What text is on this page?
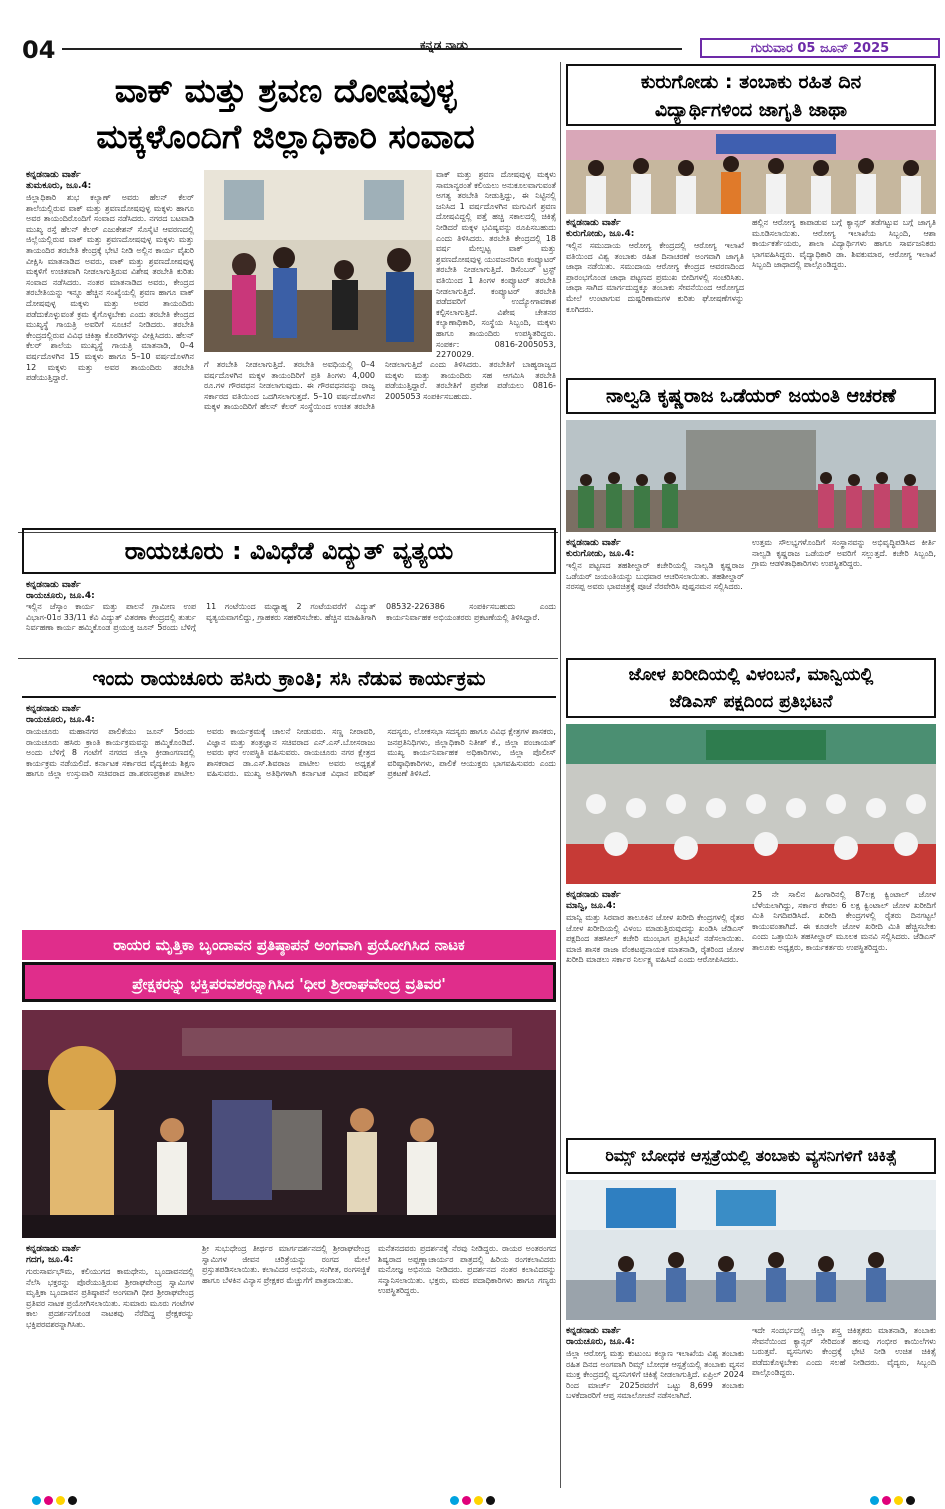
04	ಕನ್ನಡ ನಾಡು	ಗುರುವಾರ 05 ಜೂನ್ 2025
ವಾಕ್ ಮತ್ತು ಶ್ರವಣ ದೋಷವುಳ್ಳ
ಮಕ್ಕಳೊಂದಿಗೆ ಜಿಲ್ಲಾಧಿಕಾರಿ ಸಂವಾದ
ಕನ್ನಡನಾಡು ವಾರ್ತೆ
ತುಮಕೂರು, ಜೂ.4:
ಜಿಲ್ಲಾಧಿಕಾರಿ ಶುಭ ಕಲ್ಯಾಣ್ ಅವರು ಹೆಲನ್ ಕೆಲರ್ ಶಾಲೆಯಲ್ಲಿರುವ ವಾಕ್ ಮತ್ತು ಶ್ರವಣದೋಷವುಳ್ಳ ಮಕ್ಕಳು ಹಾಗೂ ಅವರ ತಾಯಂದಿರೊಂದಿಗೆ ಸಂವಾದ ನಡೆಸಿದರು. ನಗರದ ಬಟವಾಡಿ ಮುಖ್ಯ ರಸ್ತೆ ಹೆಲನ್ ಕೆಲರ್ ಎಜುಕೇಶನ್ ಸೊಸೈಟಿ ಆವರಣದಲ್ಲಿ ಜಿಲ್ಲೆಯಲ್ಲಿರುವ ವಾಕ್ ಮತ್ತು ಶ್ರವಣದೋಷವುಳ್ಳ ಮಕ್ಕಳು ಮತ್ತು ತಾಯಂದಿರ ತರಬೇತಿ ಕೇಂದ್ರಕ್ಕೆ ಭೇಟಿ ನೀಡಿ ಅಲ್ಲಿನ ಕಾರ್ಯ ವೈಖರಿ ವೀಕ್ಷಿಸಿ ಮಾತನಾಡಿದ ಅವರು, ವಾಕ್ ಮತ್ತು ಶ್ರವಣದೋಷವುಳ್ಳ ಮಕ್ಕಳಿಗೆ ಉಚಿತವಾಗಿ ನೀಡಲಾಗುತ್ತಿರುವ ವಿಶೇಷ ತರಬೇತಿ ಕುರಿತು ಸಂವಾದ ನಡೆಸಿದರು. ನಂತರ ಮಾತನಾಡಿದ ಅವರು, ಕೇಂದ್ರದ ತರಬೇತಿಯನ್ನು ಇನ್ನೂ ಹೆಚ್ಚಿನ ಸಂಖ್ಯೆಯಲ್ಲಿ ಶ್ರವಣ ಹಾಗೂ ವಾಕ್ ದೋಷವುಳ್ಳ ಮಕ್ಕಳು ಮತ್ತು ಅವರ ತಾಯಂದಿರು ಪಡೆದುಕೊಳ್ಳುವಂತೆ ಕ್ರಮ ಕೈಗೊಳ್ಳಬೇಕು ಎಂದು ತರಬೇತಿ ಕೇಂದ್ರದ ಮುಖ್ಯಸ್ಥೆ ಗಾಯತ್ರಿ ಅವರಿಗೆ ಸೂಚನೆ ನೀಡಿದರು. ತರಬೇತಿ ಕೇಂದ್ರದಲ್ಲಿರುವ ವಿವಿಧ ಚಿಕಿತ್ಸಾ ಕೊಠಡಿಗಳನ್ನು ವೀಕ್ಷಿಸಿದರು. ಹೆಲನ್ ಕೆಲರ್ ಶಾಲೆಯ ಮುಖ್ಯಸ್ಥೆ ಗಾಯತ್ರಿ ಮಾತನಾಡಿ, 0–4 ವರ್ಷದೊಳಗಿನ 15 ಮಕ್ಕಳು ಹಾಗೂ 5–10 ವರ್ಷದೊಳಗಿನ 12 ಮಕ್ಕಳು ಮತ್ತು ಅವರ ತಾಯಂದಿರು ತರಬೇತಿ ಪಡೆಯುತ್ತಿದ್ದಾರೆ.
ವಾಕ್ ಮತ್ತು ಶ್ರವಣ ದೋಷವುಳ್ಳ ಮಕ್ಕಳು ಸಾಮಾನ್ಯರಂತೆ ಕಲಿಯಲು ಅನುಕೂಲವಾಗುವಂತೆ ಅಗತ್ಯ ತರಬೇತಿ ನೀಡುತ್ತಿದ್ದು, ಈ ನಿಟ್ಟಿನಲ್ಲಿ ಜನಿಸಿದ 1 ವರ್ಷದೊಳಗಿನ ಮಗುವಿಗೆ ಶ್ರವಣ ದೋಷವಿದ್ದಲ್ಲಿ ಪತ್ತೆ ಹಚ್ಚಿ ಸಕಾಲದಲ್ಲಿ ಚಿಕಿತ್ಸೆ ನೀಡಿದರೆ ಮಕ್ಕಳ ಭವಿಷ್ಯವನ್ನು ರೂಪಿಸಬಹುದು ಎಂದು ತಿಳಿಸಿದರು. ತರಬೇತಿ ಕೇಂದ್ರದಲ್ಲಿ 18 ವರ್ಷ ಮೇಲ್ಪಟ್ಟ ವಾಕ್ ಮತ್ತು ಶ್ರವಣದೋಷವುಳ್ಳ ಯುವಜನರಿಗೂ ಕಂಪ್ಯೂಟರ್ ತರಬೇತಿ ನೀಡಲಾಗುತ್ತಿದೆ. ಡಿಸೆಂಬರ್ ಟ್ರಸ್ಟ್ ವತಿಯಿಂದ 1 ತಿಂಗಳ ಕಂಪ್ಯೂಟರ್ ತರಬೇತಿ ನೀಡಲಾಗುತ್ತಿದೆ. ಕಂಪ್ಯೂಟರ್ ತರಬೇತಿ ಪಡೆದವರಿಗೆ ಉದ್ಯೋಗಾವಕಾಶ ಕಲ್ಪಿಸಲಾಗುತ್ತಿದೆ. ವಿಶೇಷ ಚೇತನರ ಕಲ್ಯಾಣಾಧಿಕಾರಿ, ಸಂಸ್ಥೆಯ ಸಿಬ್ಬಂದಿ, ಮಕ್ಕಳು ಹಾಗೂ ತಾಯಂದಿರು ಉಪಸ್ಥಿತರಿದ್ದರು. ಸಂಪರ್ಕ: 0816-2005053, 2270029.
ಗೆ ತರಬೇತಿ ನೀಡಲಾಗುತ್ತಿದೆ. ತರಬೇತಿ ಅವಧಿಯಲ್ಲಿ 0–4 ವರ್ಷದೊಳಗಿನ ಮಕ್ಕಳ ತಾಯಂದಿರಿಗೆ ಪ್ರತಿ ತಿಂಗಳು 4,000 ರೂ.ಗಳ ಗೌರವಧನ ನೀಡಲಾಗುವುದು. ಈ ಗೌರವಧನವನ್ನು ರಾಜ್ಯ ಸರ್ಕಾರದ ವತಿಯಿಂದ ಒದಗಿಸಲಾಗುತ್ತದೆ. 5–10 ವರ್ಷದೊಳಗಿನ ಮಕ್ಕಳ ತಾಯಂದಿರಿಗೆ ಹೆಲನ್ ಕೆಲರ್ ಸಂಸ್ಥೆಯಿಂದ ಉಚಿತ ತರಬೇತಿ ನೀಡಲಾಗುತ್ತಿದೆ ಎಂದು ತಿಳಿಸಿದರು. ತರಬೇತಿಗೆ ಬಾಹ್ಯರಾಜ್ಯದ ಮಕ್ಕಳು ಮತ್ತು ತಾಯಂದಿರು ಸಹ ಆಗಮಿಸಿ ತರಬೇತಿ ಪಡೆಯುತ್ತಿದ್ದಾರೆ. ತರಬೇತಿಗೆ ಪ್ರವೇಶ ಪಡೆಯಲು 0816-2005053 ಸಂಪರ್ಕಿಸಬಹುದು.
ಕುರುಗೋಡು : ತಂಬಾಕು ರಹಿತ ದಿನ
ವಿದ್ಯಾರ್ಥಿಗಳಿಂದ ಜಾಗೃತಿ ಜಾಥಾ
ಕನ್ನಡನಾಡು ವಾರ್ತೆ
ಕುರುಗೋಡು, ಜೂ.4:
ಇಲ್ಲಿನ ಸಮುದಾಯ ಆರೋಗ್ಯ ಕೇಂದ್ರದಲ್ಲಿ ಆರೋಗ್ಯ ಇಲಾಖೆ ವತಿಯಿಂದ ವಿಶ್ವ ತಂಬಾಕು ರಹಿತ ದಿನಾಚರಣೆ ಅಂಗವಾಗಿ ಜಾಗೃತಿ ಜಾಥಾ ನಡೆಯಿತು. ಸಮುದಾಯ ಆರೋಗ್ಯ ಕೇಂದ್ರದ ಆವರಣದಿಂದ ಪ್ರಾರಂಭಗೊಂಡ ಜಾಥಾ ಪಟ್ಟಣದ ಪ್ರಮುಖ ಬೀದಿಗಳಲ್ಲಿ ಸಂಚರಿಸಿತು. ಜಾಥಾ ಸಾಗಿದ ಮಾರ್ಗದುದ್ದಕ್ಕೂ ತಂಬಾಕು ಸೇವನೆಯಿಂದ ಆರೋಗ್ಯದ ಮೇಲೆ ಉಂಟಾಗುವ ದುಷ್ಪರಿಣಾಮಗಳ ಕುರಿತು ಘೋಷಣೆಗಳನ್ನು ಕೂಗಿದರು.
ಹಲ್ಲಿನ ಆರೋಗ್ಯ ಕಾಪಾಡುವ ಬಗ್ಗೆ ಕ್ಯಾನ್ಸರ್ ತಡೆಗಟ್ಟುವ ಬಗ್ಗೆ ಜಾಗೃತಿ ಮೂಡಿಸಲಾಯಿತು. ಆರೋಗ್ಯ ಇಲಾಖೆಯ ಸಿಬ್ಬಂದಿ, ಆಶಾ ಕಾರ್ಯಕರ್ತೆಯರು, ಶಾಲಾ ವಿದ್ಯಾರ್ಥಿಗಳು ಹಾಗೂ ಸಾರ್ವಜನಿಕರು ಭಾಗವಹಿಸಿದ್ದರು. ವೈದ್ಯಾಧಿಕಾರಿ ಡಾ. ಶಿವಕುಮಾರ, ಆರೋಗ್ಯ ಇಲಾಖೆ ಸಿಬ್ಬಂದಿ ಜಾಥಾದಲ್ಲಿ ಪಾಲ್ಗೊಂಡಿದ್ದರು.
ನಾಲ್ವಡಿ ಕೃಷ್ಣರಾಜ ಒಡೆಯರ್ ಜಯಂತಿ ಆಚರಣೆ
ಕನ್ನಡನಾಡು ವಾರ್ತೆ
ಕುರುಗೋಡು, ಜೂ.4:
ಇಲ್ಲಿನ ಪಟ್ಟಣದ ತಹಶೀಲ್ದಾರ್ ಕಚೇರಿಯಲ್ಲಿ ನಾಲ್ವಡಿ ಕೃಷ್ಣರಾಜ ಒಡೆಯರ್ ಜಯಂತಿಯನ್ನು ಬುಧವಾರ ಆಚರಿಸಲಾಯಿತು. ತಹಶೀಲ್ದಾರ್ ನರಸಪ್ಪ ಅವರು ಭಾವಚಿತ್ರಕ್ಕೆ ಪೂಜೆ ನೆರವೇರಿಸಿ ಪುಷ್ಪನಮನ ಸಲ್ಲಿಸಿದರು.
ಉತ್ತಮ ಸೌಲಭ್ಯಗಳೊಂದಿಗೆ ಸಂಸ್ಥಾನವನ್ನು ಅಭಿವೃದ್ಧಿಪಡಿಸಿದ ಕೀರ್ತಿ ನಾಲ್ವಡಿ ಕೃಷ್ಣರಾಜ ಒಡೆಯರ್ ಅವರಿಗೆ ಸಲ್ಲುತ್ತದೆ. ಕಚೇರಿ ಸಿಬ್ಬಂದಿ, ಗ್ರಾಮ ಆಡಳಿತಾಧಿಕಾರಿಗಳು ಉಪಸ್ಥಿತರಿದ್ದರು.
ರಾಯಚೂರು : ವಿವಿಧೆಡೆ ವಿದ್ಯುತ್ ವ್ಯತ್ಯಯ
ಕನ್ನಡನಾಡು ವಾರ್ತೆ
ರಾಯಚೂರು, ಜೂ.4:
ಇಲ್ಲಿನ ಜೆಸ್ಕಾಂ ಕಾರ್ಯ ಮತ್ತು ಪಾಲನೆ ಗ್ರಾಮೀಣ ಉಪ ವಿಭಾಗ-01ರ 33/11 ಕೆವಿ ವಿದ್ಯುತ್ ವಿತರಣಾ ಕೇಂದ್ರದಲ್ಲಿ ತುರ್ತು ನಿರ್ವಹಣಾ ಕಾರ್ಯ ಹಮ್ಮಿಕೊಂಡ ಪ್ರಯುಕ್ತ ಜೂನ್ 5ರಂದು ಬೆಳಿಗ್ಗೆ 11 ಗಂಟೆಯಿಂದ ಮಧ್ಯಾಹ್ನ 2 ಗಂಟೆಯವರೆಗೆ ವಿದ್ಯುತ್ ವ್ಯತ್ಯಯವಾಗಲಿದ್ದು, ಗ್ರಾಹಕರು ಸಹಕರಿಸಬೇಕು. ಹೆಚ್ಚಿನ ಮಾಹಿತಿಗಾಗಿ 08532-226386 ಸಂಪರ್ಕಿಸಬಹುದು ಎಂದು ಕಾರ್ಯನಿರ್ವಾಹಕ ಅಭಿಯಂತರರು ಪ್ರಕಟಣೆಯಲ್ಲಿ ತಿಳಿಸಿದ್ದಾರೆ.
ಇಂದು ರಾಯಚೂರು ಹಸಿರು ಕ್ರಾಂತಿ; ಸಸಿ ನೆಡುವ ಕಾರ್ಯಕ್ರಮ
ಕನ್ನಡನಾಡು ವಾರ್ತೆ
ರಾಯಚೂರು, ಜೂ.4:
ರಾಯಚೂರು ಮಹಾನಗರ ಪಾಲಿಕೆಯು ಜೂನ್ 5ರಂದು ರಾಯಚೂರು ಹಸಿರು ಕ್ರಾಂತಿ ಕಾರ್ಯಕ್ರಮವನ್ನು ಹಮ್ಮಿಕೊಂಡಿದೆ. ಅಂದು ಬೆಳಿಗ್ಗೆ 8 ಗಂಟೆಗೆ ನಗರದ ಜಿಲ್ಲಾ ಕ್ರೀಡಾಂಗಣದಲ್ಲಿ ಕಾರ್ಯಕ್ರಮ ನಡೆಯಲಿದೆ. ಕರ್ನಾಟಕ ಸರ್ಕಾರದ ವೈದ್ಯಕೀಯ ಶಿಕ್ಷಣ ಹಾಗೂ ಜಿಲ್ಲಾ ಉಸ್ತುವಾರಿ ಸಚಿವರಾದ ಡಾ.ಶರಣಪ್ರಕಾಶ ಪಾಟೀಲ ಅವರು ಕಾರ್ಯಕ್ರಮಕ್ಕೆ ಚಾಲನೆ ನೀಡುವರು. ಸಣ್ಣ ನೀರಾವರಿ, ವಿಜ್ಞಾನ ಮತ್ತು ತಂತ್ರಜ್ಞಾನ ಸಚಿವರಾದ ಎನ್.ಎಸ್.ಬೋಸರಾಜು ಅವರು ಘನ ಉಪಸ್ಥಿತಿ ವಹಿಸುವರು. ರಾಯಚೂರು ನಗರ ಕ್ಷೇತ್ರದ ಶಾಸಕರಾದ ಡಾ.ಎಸ್.ಶಿವರಾಜ ಪಾಟೀಲ ಅವರು ಅಧ್ಯಕ್ಷತೆ ವಹಿಸುವರು. ಮುಖ್ಯ ಅತಿಥಿಗಳಾಗಿ ಕರ್ನಾಟಕ ವಿಧಾನ ಪರಿಷತ್ ಸದಸ್ಯರು, ಲೋಕಸಭಾ ಸದಸ್ಯರು ಹಾಗೂ ವಿವಿಧ ಕ್ಷೇತ್ರಗಳ ಶಾಸಕರು, ಜನಪ್ರತಿನಿಧಿಗಳು, ಜಿಲ್ಲಾಧಿಕಾರಿ ನಿತೀಶ್ ಕೆ., ಜಿಲ್ಲಾ ಪಂಚಾಯತ್ ಮುಖ್ಯ ಕಾರ್ಯನಿರ್ವಾಹಕ ಅಧಿಕಾರಿಗಳು, ಜಿಲ್ಲಾ ಪೊಲೀಸ್ ವರಿಷ್ಠಾಧಿಕಾರಿಗಳು, ಪಾಲಿಕೆ ಆಯುಕ್ತರು ಭಾಗವಹಿಸುವರು ಎಂದು ಪ್ರಕಟಣೆ ತಿಳಿಸಿದೆ.
ಜೋಳ ಖರೀದಿಯಲ್ಲಿ ವಿಳಂಬನೆ, ಮಾನ್ವಿಯಲ್ಲಿ
ಜೆಡಿಎಸ್ ಪಕ್ಷದಿಂದ ಪ್ರತಿಭಟನೆ
ಕನ್ನಡನಾಡು ವಾರ್ತೆ
ಮಾನ್ವಿ, ಜೂ.4:
ಮಾನ್ವಿ ಮತ್ತು ಸಿರವಾರ ತಾಲೂಕಿನ ಜೋಳ ಖರೀದಿ ಕೇಂದ್ರಗಳಲ್ಲಿ ರೈತರ ಜೋಳ ಖರೀದಿಯಲ್ಲಿ ವಿಳಂಬ ಮಾಡುತ್ತಿರುವುದನ್ನು ಖಂಡಿಸಿ ಜೆಡಿಎಸ್ ಪಕ್ಷದಿಂದ ತಹಸೀಲ್ ಕಚೇರಿ ಮುಂಭಾಗ ಪ್ರತಿಭಟನೆ ನಡೆಸಲಾಯಿತು. ಮಾಜಿ ಶಾಸಕ ರಾಜಾ ವೆಂಕಟಪ್ಪನಾಯಕ ಮಾತನಾಡಿ, ರೈತರಿಂದ ಜೋಳ ಖರೀದಿ ಮಾಡಲು ಸರ್ಕಾರ ನಿರ್ಲಕ್ಷ್ಯ ವಹಿಸಿದೆ ಎಂದು ಆರೋಪಿಸಿದರು.
25 ನೇ ಸಾಲಿನ ಹಿಂಗಾರಿನಲ್ಲಿ 87ಲಕ್ಷ ಕ್ವಿಂಟಾಲ್ ಜೋಳ ಬೆಳೆಯಲಾಗಿದ್ದು, ಸರ್ಕಾರ ಕೇವಲ 6 ಲಕ್ಷ ಕ್ವಿಂಟಾಲ್ ಜೋಳ ಖರೀದಿಗೆ ಮಿತಿ ನಿಗದಿಪಡಿಸಿದೆ. ಖರೀದಿ ಕೇಂದ್ರಗಳಲ್ಲಿ ರೈತರು ದಿನಗಟ್ಟಲೆ ಕಾಯುವಂತಾಗಿದೆ. ಈ ಕೂಡಲೇ ಜೋಳ ಖರೀದಿ ಮಿತಿ ಹೆಚ್ಚಿಸಬೇಕು ಎಂದು ಒತ್ತಾಯಿಸಿ ತಹಸೀಲ್ದಾರ್ ಮೂಲಕ ಮನವಿ ಸಲ್ಲಿಸಿದರು. ಜೆಡಿಎಸ್ ತಾಲೂಕು ಅಧ್ಯಕ್ಷರು, ಕಾರ್ಯಕರ್ತರು ಉಪಸ್ಥಿತರಿದ್ದರು.
ರಾಯರ ಮೃತ್ತಿಕಾ ಬೃಂದಾವನ ಪ್ರತಿಷ್ಠಾಪನೆ ಅಂಗವಾಗಿ ಪ್ರಯೋಗಿಸಿದ ನಾಟಕ
ಪ್ರೇಕ್ಷಕರನ್ನು ಭಕ್ತಿಪರವಶರನ್ನಾಗಿಸಿದ 'ಧೀರ ಶ್ರೀರಾಘವೇಂದ್ರ ವ್ರತಿವರ'
ಕನ್ನಡನಾಡು ವಾರ್ತೆ
ಗದಗ, ಜೂ.4:
ಗುರುಸಾರ್ವಭೌಮ, ಕಲಿಯುಗದ ಕಾಮಧೇನು, ಬೃಂದಾವನದಲ್ಲಿ ನೆಲೆಸಿ ಭಕ್ತರನ್ನು ಪೊರೆಯುತ್ತಿರುವ ಶ್ರೀರಾಘವೇಂದ್ರ ಸ್ವಾಮಿಗಳ ಮೃತ್ತಿಕಾ ಬೃಂದಾವನ ಪ್ರತಿಷ್ಠಾಪನೆ ಅಂಗವಾಗಿ ಧೀರ ಶ್ರೀರಾಘವೇಂದ್ರ ವ್ರತಿವರ ನಾಟಕ ಪ್ರಯೋಗಿಸಲಾಯಿತು. ಸುಮಾರು ಮೂರು ಗಂಟೆಗಳ ಕಾಲ ಪ್ರದರ್ಶನಗೊಂಡ ನಾಟಕವು ನೆರೆದಿದ್ದ ಪ್ರೇಕ್ಷಕರನ್ನು ಭಕ್ತಿಪರವಶರನ್ನಾಗಿಸಿತು.
ಶ್ರೀ ಸುಭುಧೇಂದ್ರ ತೀರ್ಥರ ಮಾರ್ಗದರ್ಶನದಲ್ಲಿ ಶ್ರೀರಾಘವೇಂದ್ರ ಸ್ವಾಮಿಗಳ ಜೀವನ ಚರಿತ್ರೆಯನ್ನು ರಂಗದ ಮೇಲೆ ಪ್ರಸ್ತುತಪಡಿಸಲಾಯಿತು. ಕಲಾವಿದರ ಅಭಿನಯ, ಸಂಗೀತ, ರಂಗಸಜ್ಜಿಕೆ ಹಾಗೂ ಬೆಳಕಿನ ವಿನ್ಯಾಸ ಪ್ರೇಕ್ಷಕರ ಮೆಚ್ಚುಗೆಗೆ ಪಾತ್ರವಾಯಿತು.
ಮನೆತನದವರು ಪ್ರದರ್ಶನಕ್ಕೆ ನೆರವು ನೀಡಿದ್ದರು. ರಾಯರ ಅಂತರಂಗದ ಶಿಷ್ಯರಾದ ಅಪ್ಪಣ್ಣಾಚಾರ್ಯರ ಪಾತ್ರದಲ್ಲಿ ಹಿರಿಯ ರಂಗಕಲಾವಿದರು ಮನೋಜ್ಞ ಅಭಿನಯ ನೀಡಿದರು. ಪ್ರದರ್ಶನದ ನಂತರ ಕಲಾವಿದರನ್ನು ಸನ್ಮಾನಿಸಲಾಯಿತು. ಭಕ್ತರು, ಮಠದ ಪದಾಧಿಕಾರಿಗಳು ಹಾಗೂ ಗಣ್ಯರು ಉಪಸ್ಥಿತರಿದ್ದರು.
ರಿಮ್ಸ್ ಬೋಧಕ ಆಸ್ಪತ್ರೆಯಲ್ಲಿ ತಂಬಾಕು ವ್ಯಸನಿಗಳಿಗೆ ಚಿಕಿತ್ಸೆ
ಕನ್ನಡನಾಡು ವಾರ್ತೆ
ರಾಯಚೂರು, ಜೂ.4:
ಜಿಲ್ಲಾ ಆರೋಗ್ಯ ಮತ್ತು ಕುಟುಂಬ ಕಲ್ಯಾಣ ಇಲಾಖೆಯ ವಿಶ್ವ ತಂಬಾಕು ರಹಿತ ದಿನದ ಅಂಗವಾಗಿ ರಿಮ್ಸ್ ಬೋಧಕ ಆಸ್ಪತ್ರೆಯಲ್ಲಿ ತಂಬಾಕು ವ್ಯಸನ ಮುಕ್ತ ಕೇಂದ್ರದಲ್ಲಿ ವ್ಯಸನಿಗಳಿಗೆ ಚಿಕಿತ್ಸೆ ನೀಡಲಾಗುತ್ತಿದೆ. ಏಪ್ರಿಲ್ 2024 ರಿಂದ ಮಾರ್ಚ್ 2025ರವರೆಗೆ ಒಟ್ಟು 8,699 ತಂಬಾಕು ಬಳಕೆದಾರರಿಗೆ ಆಪ್ತ ಸಮಾಲೋಚನೆ ನಡೆಸಲಾಗಿದೆ.
ಇದೇ ಸಂದರ್ಭದಲ್ಲಿ ಜಿಲ್ಲಾ ಶಸ್ತ್ರ ಚಿಕಿತ್ಸಕರು ಮಾತನಾಡಿ, ತಂಬಾಕು ಸೇವನೆಯಿಂದ ಕ್ಯಾನ್ಸರ್ ಸೇರಿದಂತೆ ಹಲವು ಗಂಭೀರ ಕಾಯಿಲೆಗಳು ಬರುತ್ತವೆ. ವ್ಯಸನಿಗಳು ಕೇಂದ್ರಕ್ಕೆ ಭೇಟಿ ನೀಡಿ ಉಚಿತ ಚಿಕಿತ್ಸೆ ಪಡೆದುಕೊಳ್ಳಬೇಕು ಎಂದು ಸಲಹೆ ನೀಡಿದರು. ವೈದ್ಯರು, ಸಿಬ್ಬಂದಿ ಪಾಲ್ಗೊಂಡಿದ್ದರು.
